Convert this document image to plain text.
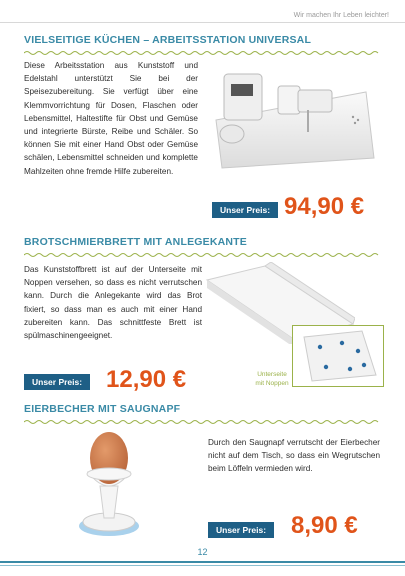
Wir machen Ihr Leben leichter!
VIELSEITIGE KÜCHEN – ARBEITSSTATION UNIVERSAL
Diese Arbeitsstation aus Kunststoff und Edelstahl unterstützt Sie bei der Speisezubereitung. Sie verfügt über eine Klemmvorrichtung für Dosen, Flaschen oder Lebensmittel, Haltestifte für Obst und Gemüse und integrierte Bürste, Reibe und Schäler. So können Sie mit einer Hand Obst oder Gemüse schälen, Lebensmittel schneiden und komplette Mahlzeiten ohne fremde Hilfe zubereiten.
Unser Preis: 94,90 €
BROTSCHMIERBRETT MIT ANLEGEKANTE
Das Kunststoffbrett ist auf der Unterseite mit Noppen versehen, so dass es nicht verrutschen kann. Durch die Anlegekante wird das Brot fixiert, so dass man es auch mit einer Hand zubereiten kann. Das schnittfeste Brett ist spülmaschinengeeignet.
Unterseite
mit Noppen
Unser Preis: 12,90 €
EIERBECHER MIT SAUGNAPF
Durch den Saugnapf verrutscht der Eierbecher nicht auf dem Tisch, so dass ein Wegrutschen beim Löffeln vermieden wird.
Unser Preis:	8,90 €
12
